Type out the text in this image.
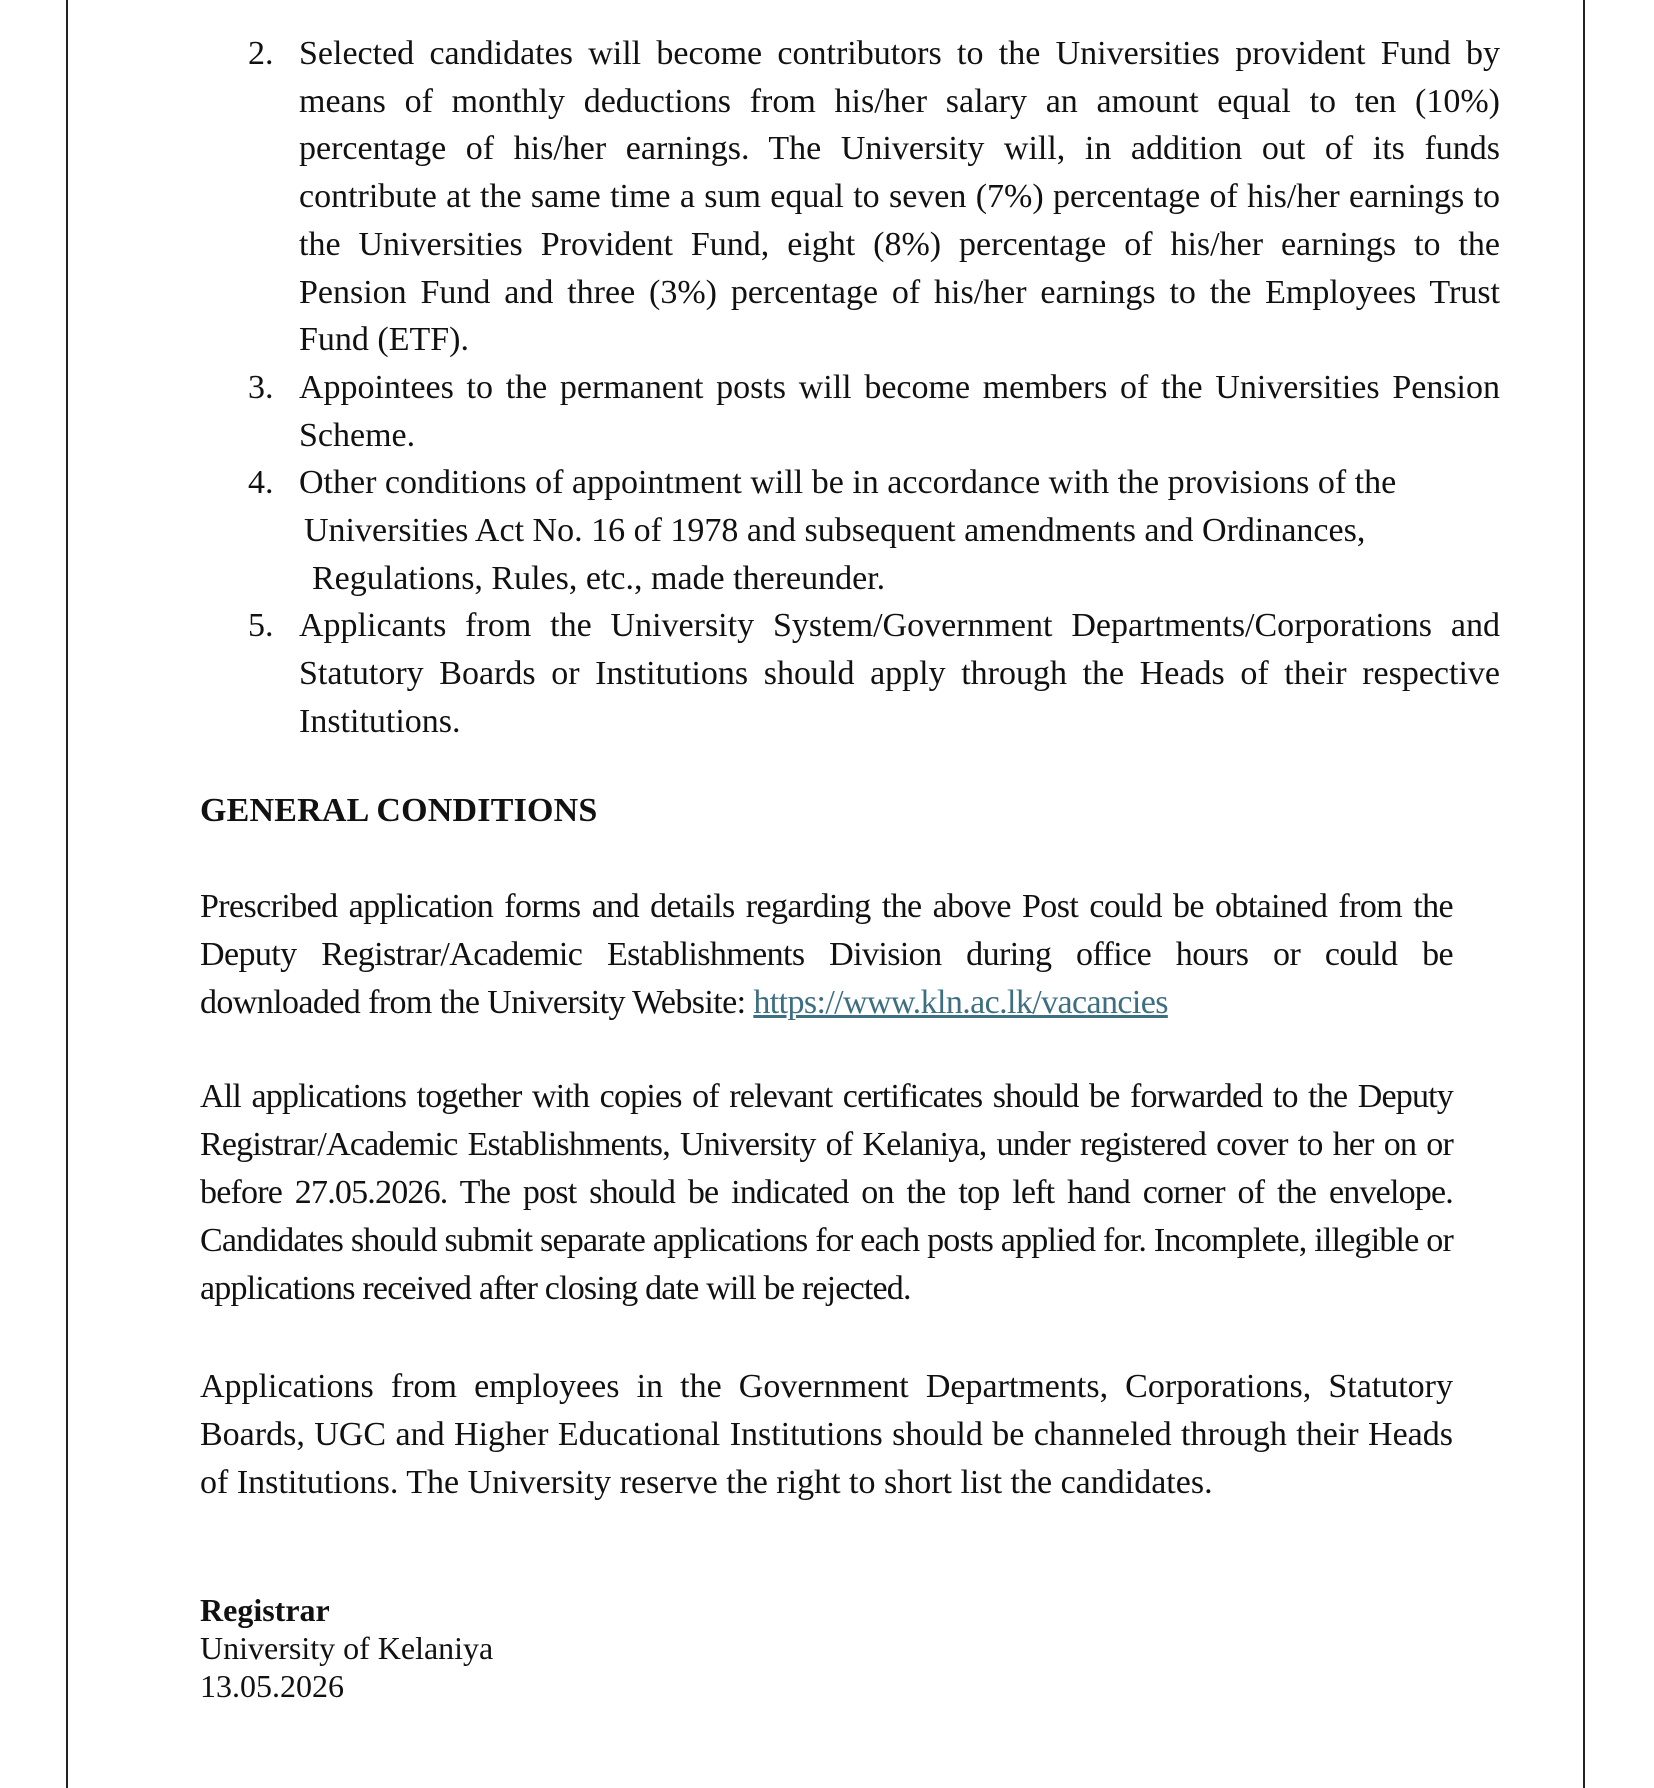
2. Selected candidates will become contributors to the Universities provident Fund by means of monthly deductions from his/her salary an amount equal to ten (10%) percentage of his/her earnings. The University will, in addition out of its funds contribute at the same time a sum equal to seven (7%) percentage of his/her earnings to the Universities Provident Fund, eight (8%) percentage of his/her earnings to the Pension Fund and three (3%) percentage of his/her earnings to the Employees Trust Fund (ETF).
3. Appointees to the permanent posts will become members of the Universities Pension Scheme.
4. Other conditions of appointment will be in accordance with the provisions of the
Universities Act No. 16 of 1978 and subsequent amendments and Ordinances,
Regulations, Rules, etc., made thereunder.
5. Applicants from the University System/Government Departments/Corporations and Statutory Boards or Institutions should apply through the Heads of their respective Institutions.
GENERAL CONDITIONS

Prescribed application forms and details regarding the above Post could be obtained from the Deputy Registrar/Academic Establishments Division during office hours or could be downloaded from the University Website: https://www.kln.ac.lk/vacancies

All applications together with copies of relevant certificates should be forwarded to the Deputy Registrar/Academic Establishments, University of Kelaniya, under registered cover to her on or before 27.05.2026. The post should be indicated on the top left hand corner of the envelope. Candidates should submit separate applications for each posts applied for. Incomplete, illegible or applications received after closing date will be rejected.

Applications from employees in the Government Departments, Corporations, Statutory Boards, UGC and Higher Educational Institutions should be channeled through their Heads of Institutions. The University reserve the right to short list the candidates.

Registrar
University of Kelaniya
13.05.2026
